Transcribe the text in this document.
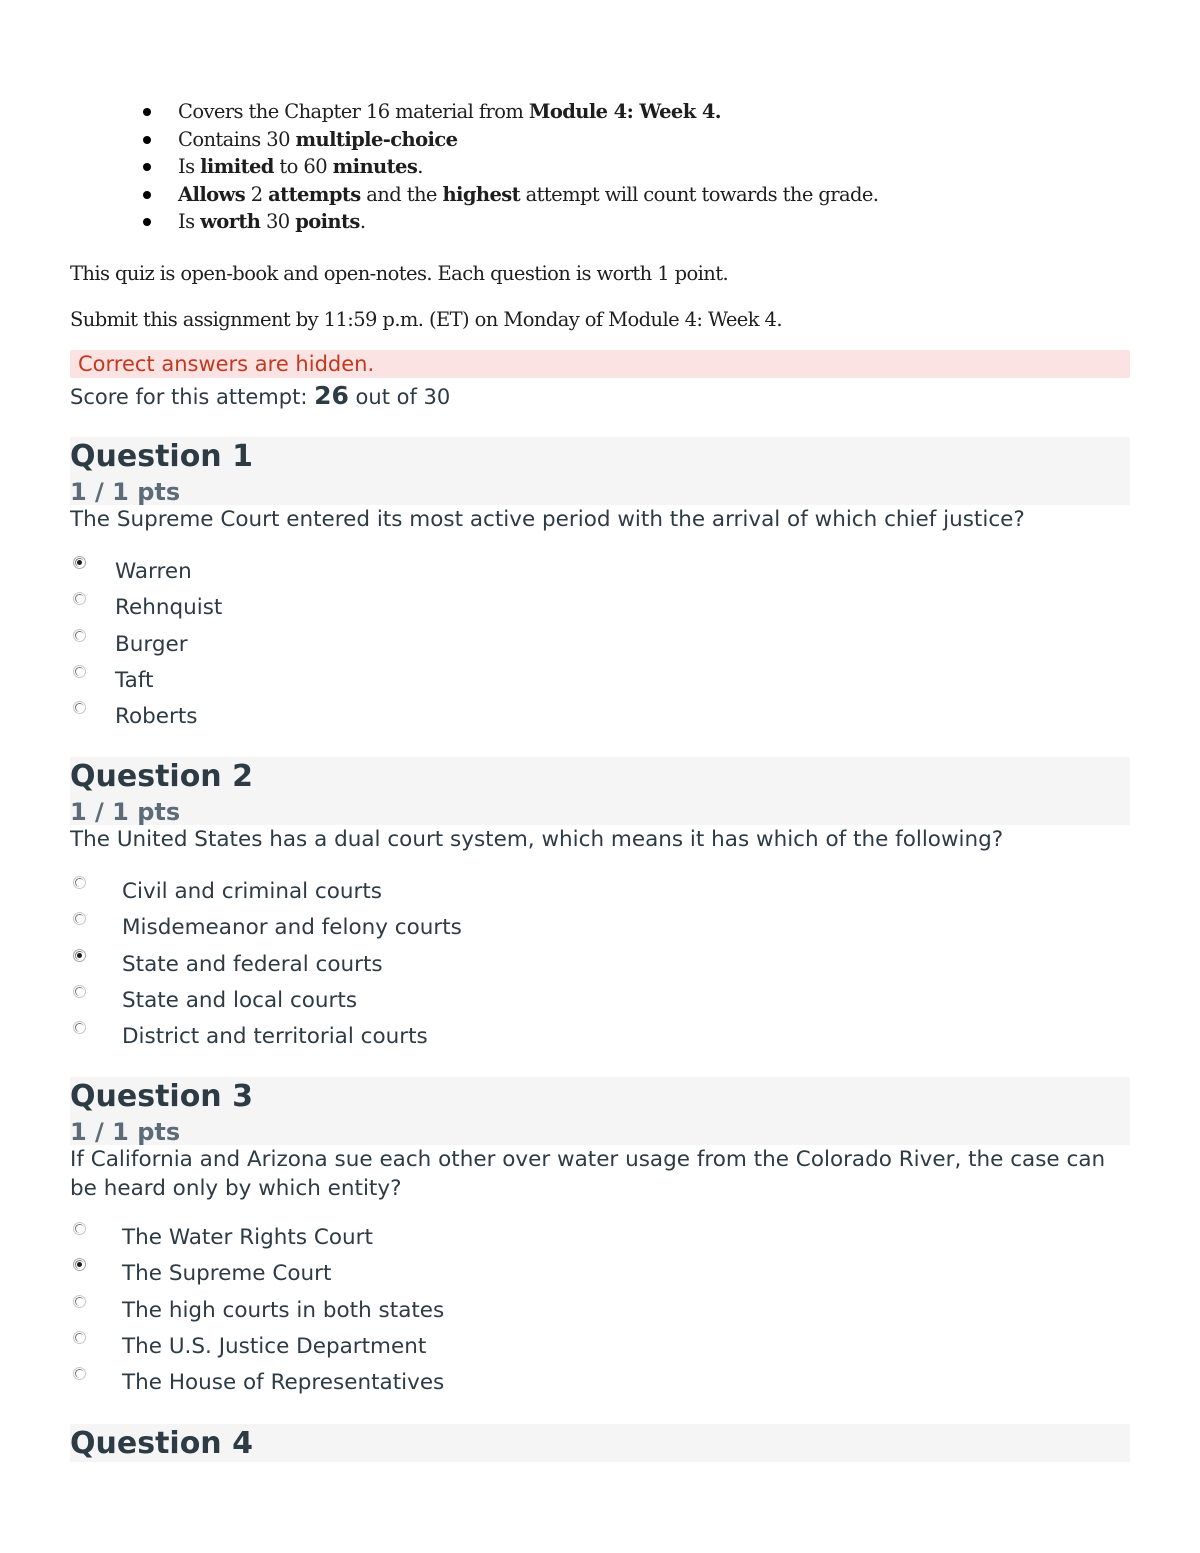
Covers the Chapter 16 material from Module 4: Week 4.
Contains 30 multiple-choice
Is limited to 60 minutes.
Allows 2 attempts and the highest attempt will count towards the grade.
Is worth 30 points.

This quiz is open-book and open-notes. Each question is worth 1 point.

Submit this assignment by 11:59 p.m. (ET) on Monday of Module 4: Week 4.

Correct answers are hidden.
Score for this attempt: 26 out of 30
Question 1
1 / 1 pts

The Supreme Court entered its most active period with the arrival of which chief justice?

Warren
Rehnquist
Burger
Taft
Roberts
Question 2
1 / 1 pts

The United States has a dual court system, which means it has which of the following?

Civil and criminal courts
Misdemeanor and felony courts
State and federal courts
State and local courts
District and territorial courts
Question 3
1 / 1 pts

If California and Arizona sue each other over water usage from the Colorado River, the case can be heard only by which entity?

The Water Rights Court
The Supreme Court
The high courts in both states
The U.S. Justice Department
The House of Representatives
Question 4
